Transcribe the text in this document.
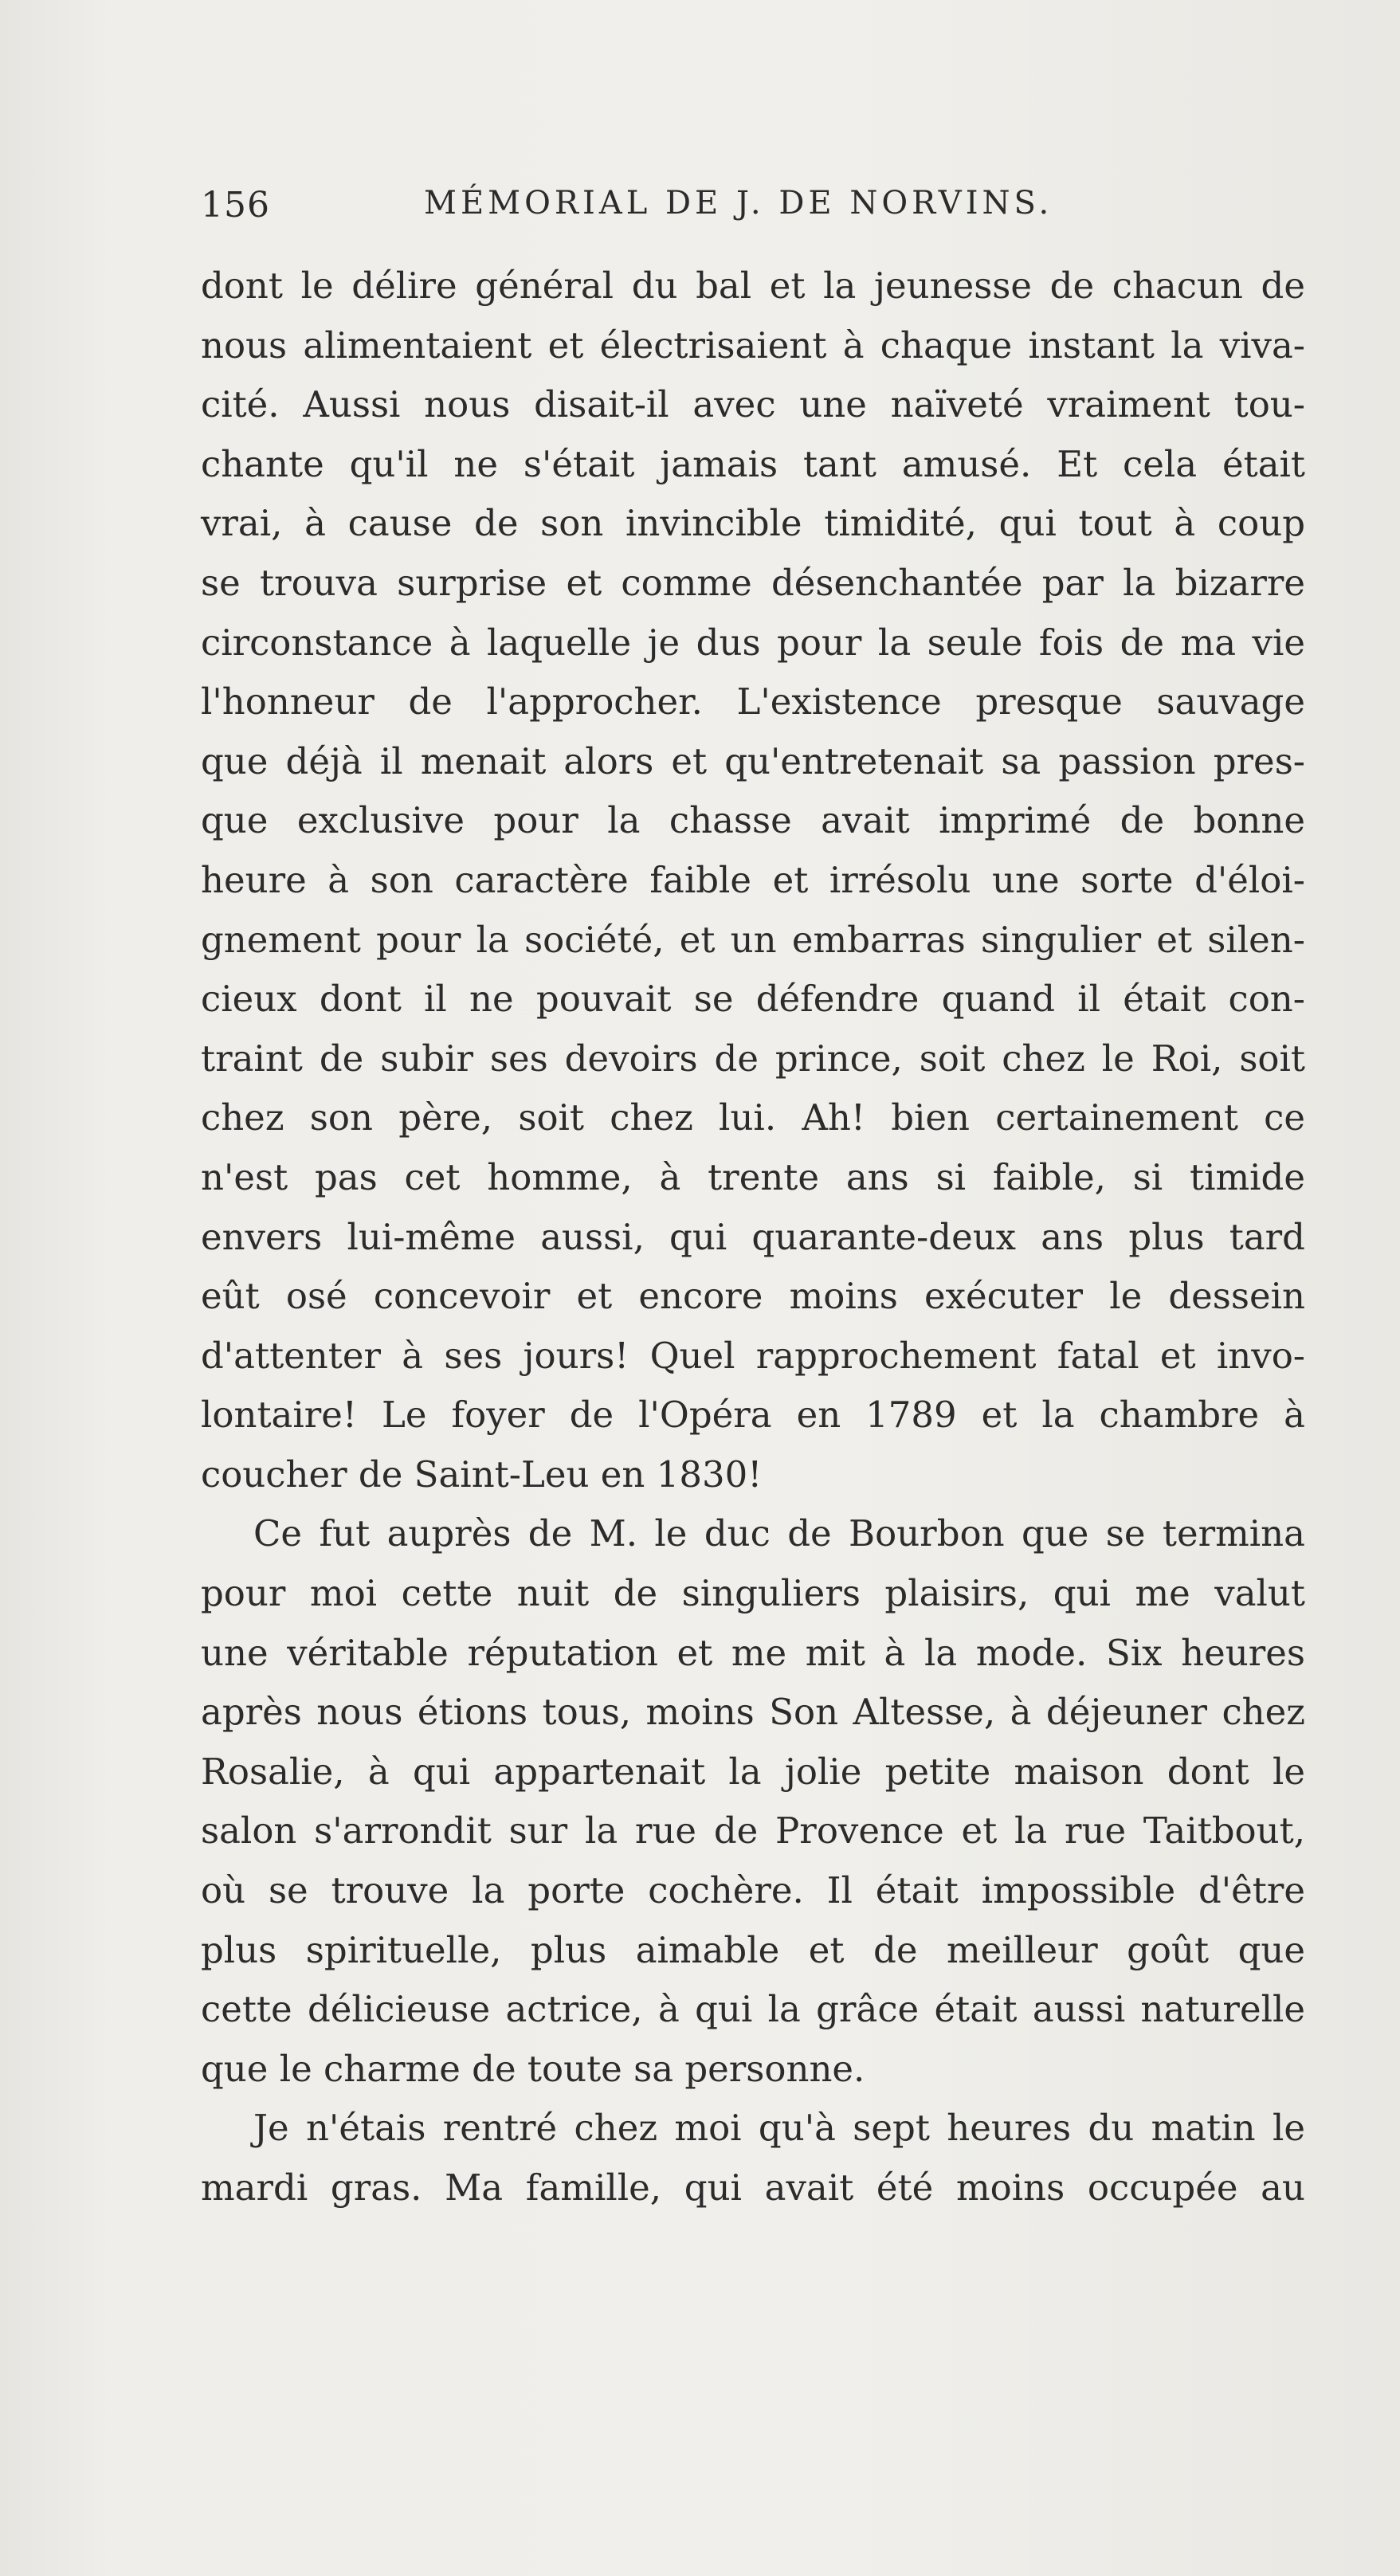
156	MÉMORIAL DE J. DE NORVINS.
dont le délire général du bal et la jeunesse de chacun de
nous alimentaient et électrisaient à chaque instant la viva-
cité. Aussi nous disait-il avec une naïveté vraiment tou-
chante qu'il ne s'était jamais tant amusé. Et cela était
vrai, à cause de son invincible timidité, qui tout à coup
se trouva surprise et comme désenchantée par la bizarre
circonstance à laquelle je dus pour la seule fois de ma vie
l'honneur de l'approcher. L'existence presque sauvage
que déjà il menait alors et qu'entretenait sa passion pres-
que exclusive pour la chasse avait imprimé de bonne
heure à son caractère faible et irrésolu une sorte d'éloi-
gnement pour la société, et un embarras singulier et silen-
cieux dont il ne pouvait se défendre quand il était con-
traint de subir ses devoirs de prince, soit chez le Roi, soit
chez son père, soit chez lui. Ah! bien certainement ce
n'est pas cet homme, à trente ans si faible, si timide
envers lui-même aussi, qui quarante-deux ans plus tard
eût osé concevoir et encore moins exécuter le dessein
d'attenter à ses jours! Quel rapprochement fatal et invo-
lontaire! Le foyer de l'Opéra en 1789 et la chambre à
coucher de Saint-Leu en 1830!
Ce fut auprès de M. le duc de Bourbon que se termina
pour moi cette nuit de singuliers plaisirs, qui me valut
une véritable réputation et me mit à la mode. Six heures
après nous étions tous, moins Son Altesse, à déjeuner chez
Rosalie, à qui appartenait la jolie petite maison dont le
salon s'arrondit sur la rue de Provence et la rue Taitbout,
où se trouve la porte cochère. Il était impossible d'être
plus spirituelle, plus aimable et de meilleur goût que
cette délicieuse actrice, à qui la grâce était aussi naturelle
que le charme de toute sa personne.
Je n'étais rentré chez moi qu'à sept heures du matin le
mardi gras. Ma famille, qui avait été moins occupée au
